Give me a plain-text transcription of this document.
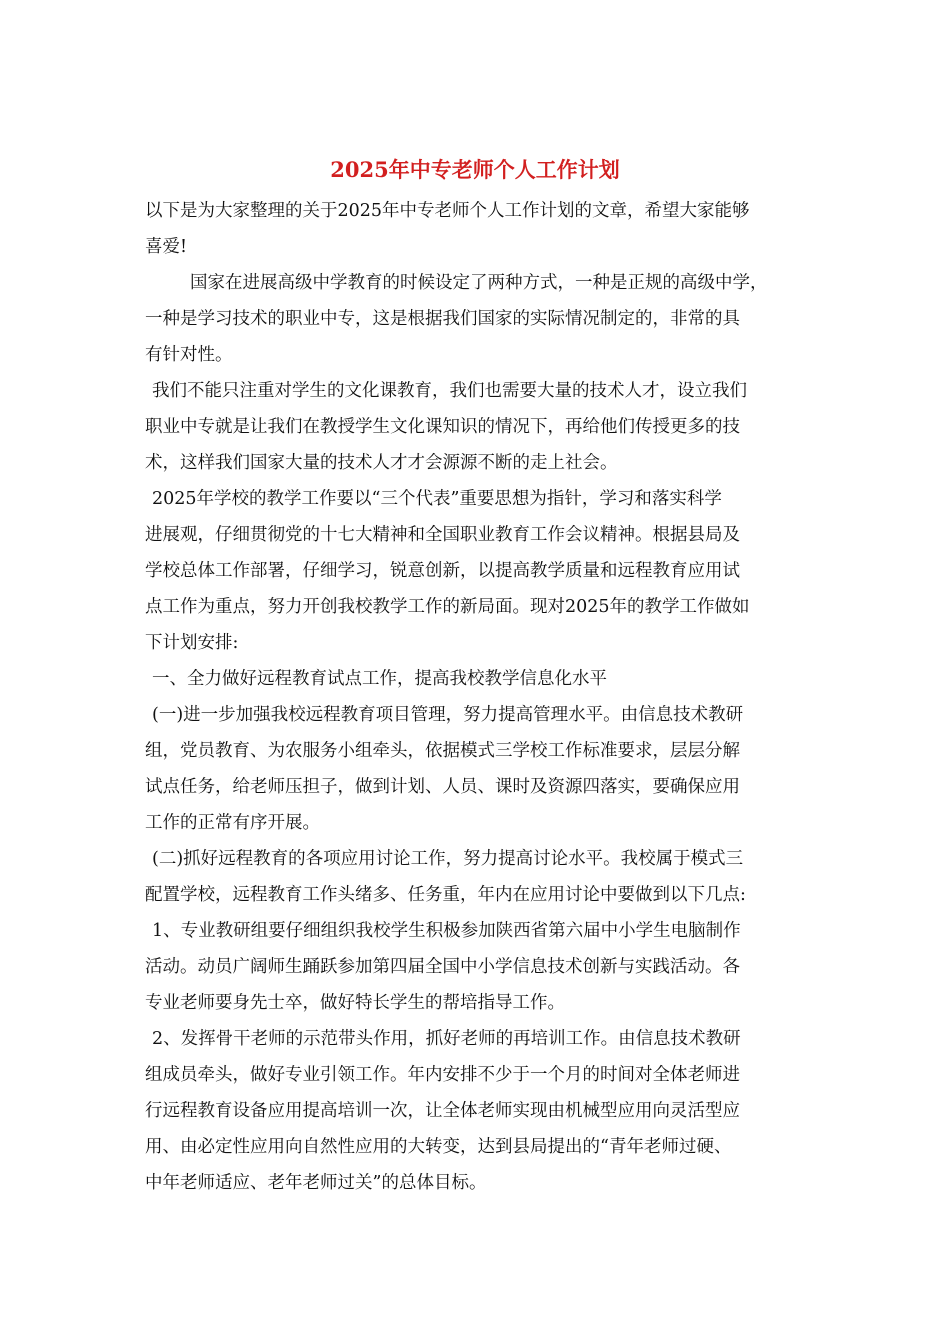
2025年中专老师个人工作计划
以下是为大家整理的关于2025年中专老师个人工作计划的文章，希望大家能够
喜爱!
国家在进展高级中学教育的时候设定了两种方式，一种是正规的高级中学，
一种是学习技术的职业中专，这是根据我们国家的实际情况制定的，非常的具
有针对性。
我们不能只注重对学生的文化课教育，我们也需要大量的技术人才，设立我们
职业中专就是让我们在教授学生文化课知识的情况下，再给他们传授更多的技
术，这样我们国家大量的技术人才才会源源不断的走上社会。
2025年学校的教学工作要以“三个代表”重要思想为指针，学习和落实科学
进展观，仔细贯彻党的十七大精神和全国职业教育工作会议精神。根据县局及
学校总体工作部署，仔细学习，锐意创新，以提高教学质量和远程教育应用试
点工作为重点，努力开创我校教学工作的新局面。现对2025年的教学工作做如
下计划安排:
一、全力做好远程教育试点工作，提高我校教学信息化水平
(一)进一步加强我校远程教育项目管理，努力提高管理水平。由信息技术教研
组，党员教育、为农服务小组牵头，依据模式三学校工作标准要求，层层分解
试点任务，给老师压担子，做到计划、人员、课时及资源四落实，要确保应用
工作的正常有序开展。
(二)抓好远程教育的各项应用讨论工作，努力提高讨论水平。我校属于模式三
配置学校，远程教育工作头绪多、任务重，年内在应用讨论中要做到以下几点:
1、专业教研组要仔细组织我校学生积极参加陕西省第六届中小学生电脑制作
活动。动员广阔师生踊跃参加第四届全国中小学信息技术创新与实践活动。各
专业老师要身先士卒，做好特长学生的帮培指导工作。
2、发挥骨干老师的示范带头作用，抓好老师的再培训工作。由信息技术教研
组成员牵头，做好专业引领工作。年内安排不少于一个月的时间对全体老师进
行远程教育设备应用提高培训一次，让全体老师实现由机械型应用向灵活型应
用、由必定性应用向自然性应用的大转变，达到县局提出的“青年老师过硬、
中年老师适应、老年老师过关”的总体目标。
